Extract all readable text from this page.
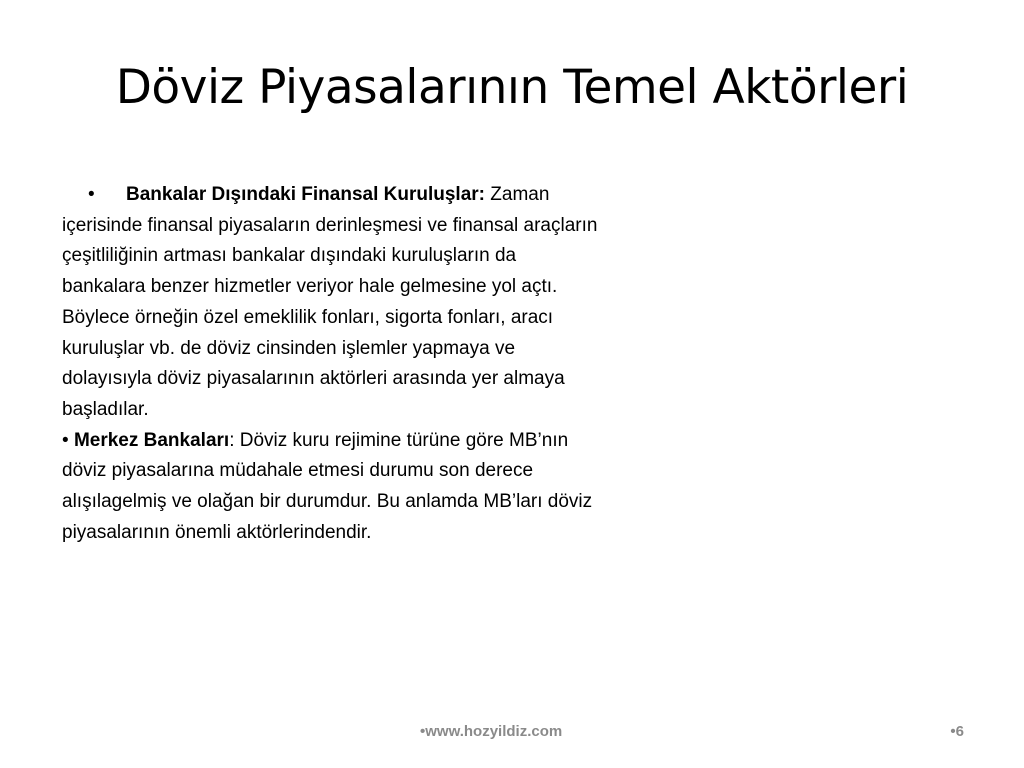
Döviz Piyasalarının Temel Aktörleri

• Bankalar Dışındaki Finansal Kuruluşlar: Zaman içerisinde finansal piyasaların derinleşmesi ve finansal araçların çeşitliliğinin artması bankalar dışındaki kuruluşların da bankalara benzer hizmetler veriyor hale gelmesine yol açtı. Böylece örneğin özel emeklilik fonları, sigorta fonları, aracı kuruluşlar vb. de döviz cinsinden işlemler yapmaya ve dolayısıyla döviz piyasalarının aktörleri arasında yer almaya başladılar.

• Merkez Bankaları: Döviz kuru rejimine türüne göre MB’nın döviz piyasalarına müdahale etmesi durumu son derece alışılagelmiş ve olağan bir durumdur. Bu anlamda MB’ları döviz piyasalarının önemli aktörlerindendir.

•www.hozyildiz.com	•6
